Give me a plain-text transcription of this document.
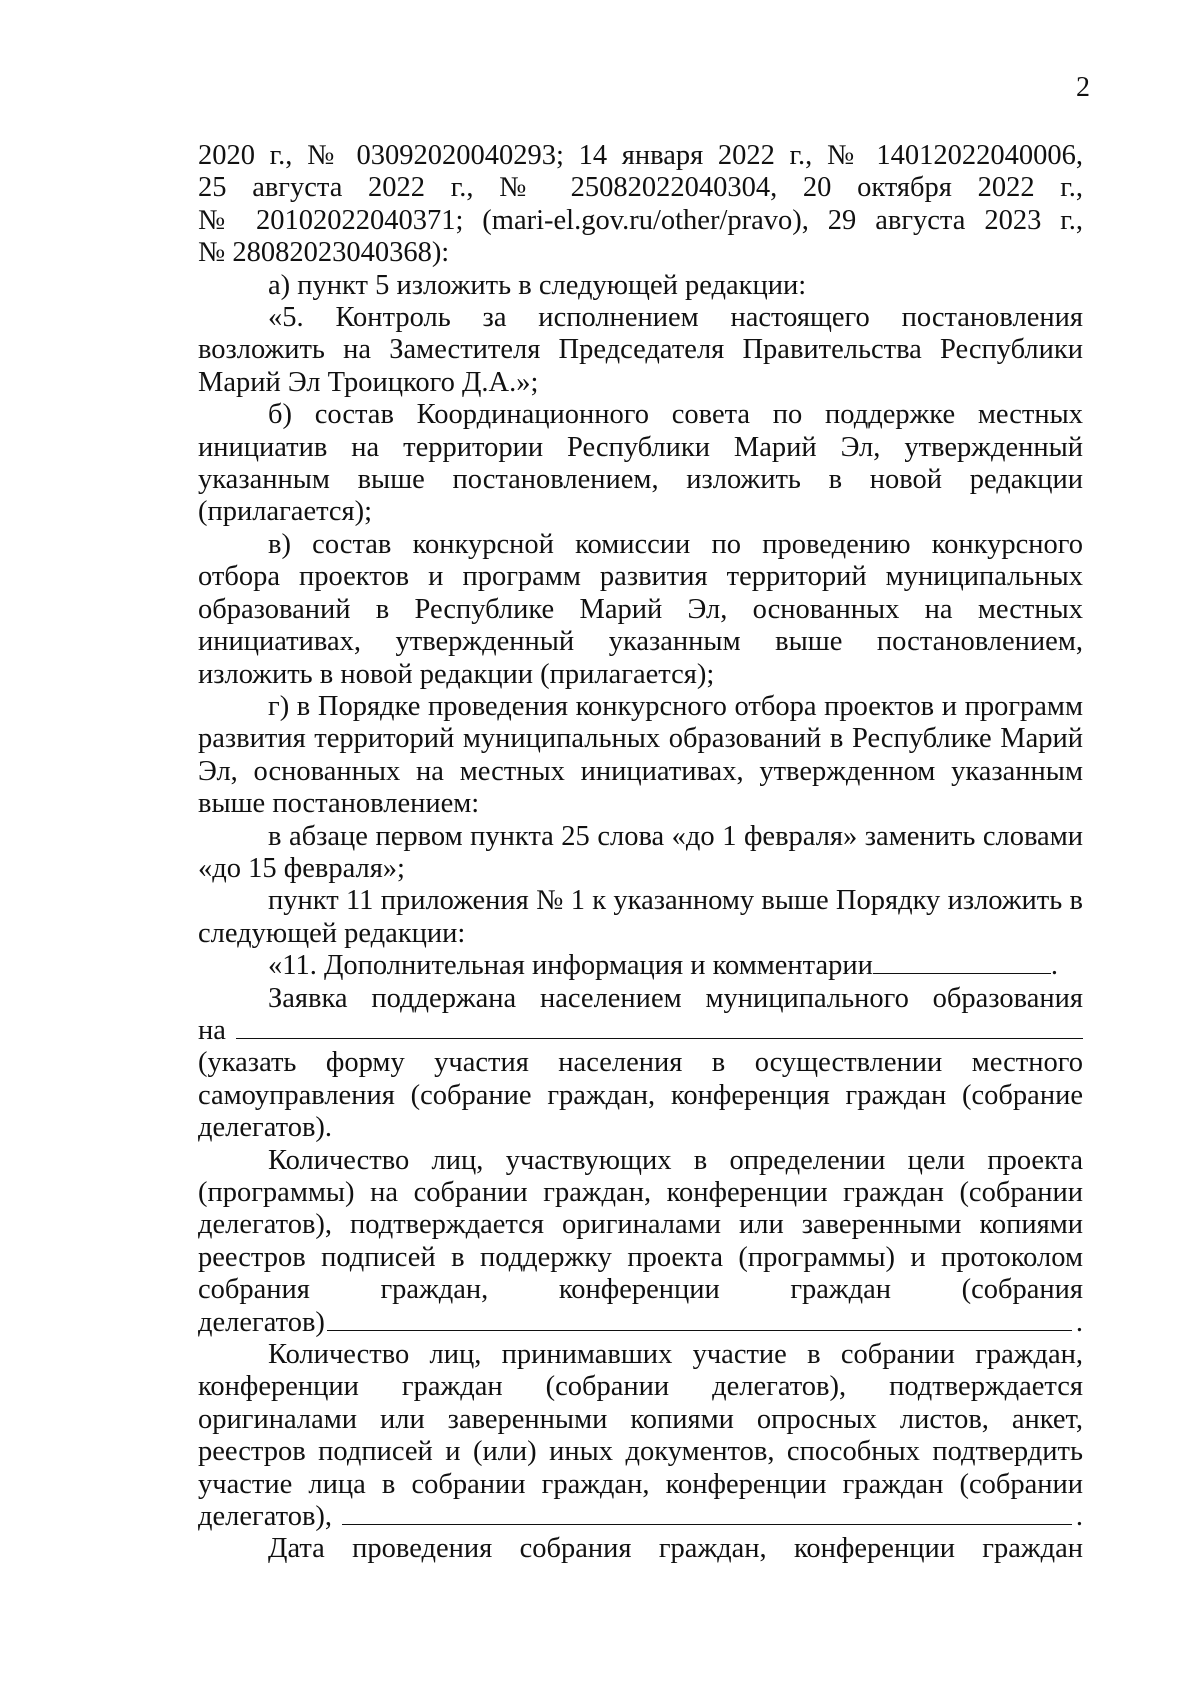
2
2020 г., № 03092020040293; 14 января 2022 г., № 14012022040006,
25 августа 2022 г., № 25082022040304, 20 октября 2022 г.,
№ 20102022040371; (mari-el.gov.ru/other/pravo), 29 августа 2023 г.,
№ 28082023040368):
а) пункт 5 изложить в следующей редакции:
«5. Контроль за исполнением настоящего постановления возложить на Заместителя Председателя Правительства Республики Марий Эл Троицкого Д.А.»;
б) состав Координационного совета по поддержке местных инициатив на территории Республики Марий Эл, утвержденный указанным выше постановлением, изложить в новой редакции (прилагается);
в) состав конкурсной комиссии по проведению конкурсного отбора проектов и программ развития территорий муниципальных образований в Республике Марий Эл, основанных на местных инициативах, утвержденный указанным выше постановлением, изложить в новой редакции (прилагается);
г) в Порядке проведения конкурсного отбора проектов и программ развития территорий муниципальных образований в Республике Марий Эл, основанных на местных инициативах, утвержденном указанным выше постановлением:
в абзаце первом пункта 25 слова «до 1 февраля» заменить словами «до 15 февраля»;
пункт 11 приложения № 1 к указанному выше Порядку изложить в следующей редакции:
«11. Дополнительная информация и комментарии	.
Заявка поддержана населением муниципального образования
на
(указать форму участия населения в осуществлении местного самоуправления (собрание граждан, конференция граждан (собрание делегатов).
Количество лиц, участвующих в определении цели проекта (программы) на собрании граждан, конференции граждан (собрании делегатов), подтверждается оригиналами или заверенными копиями реестров подписей в поддержку проекта (программы) и протоколом собрания граждан, конференции граждан (собрания
делегатов)	.
Количество лиц, принимавших участие в собрании граждан, конференции граждан (собрании делегатов), подтверждается оригиналами или заверенными копиями опросных листов, анкет, реестров подписей и (или) иных документов, способных подтвердить участие лица в собрании граждан, конференции граждан (собрании
делегатов),	.
Дата проведения собрания граждан, конференции граждан
